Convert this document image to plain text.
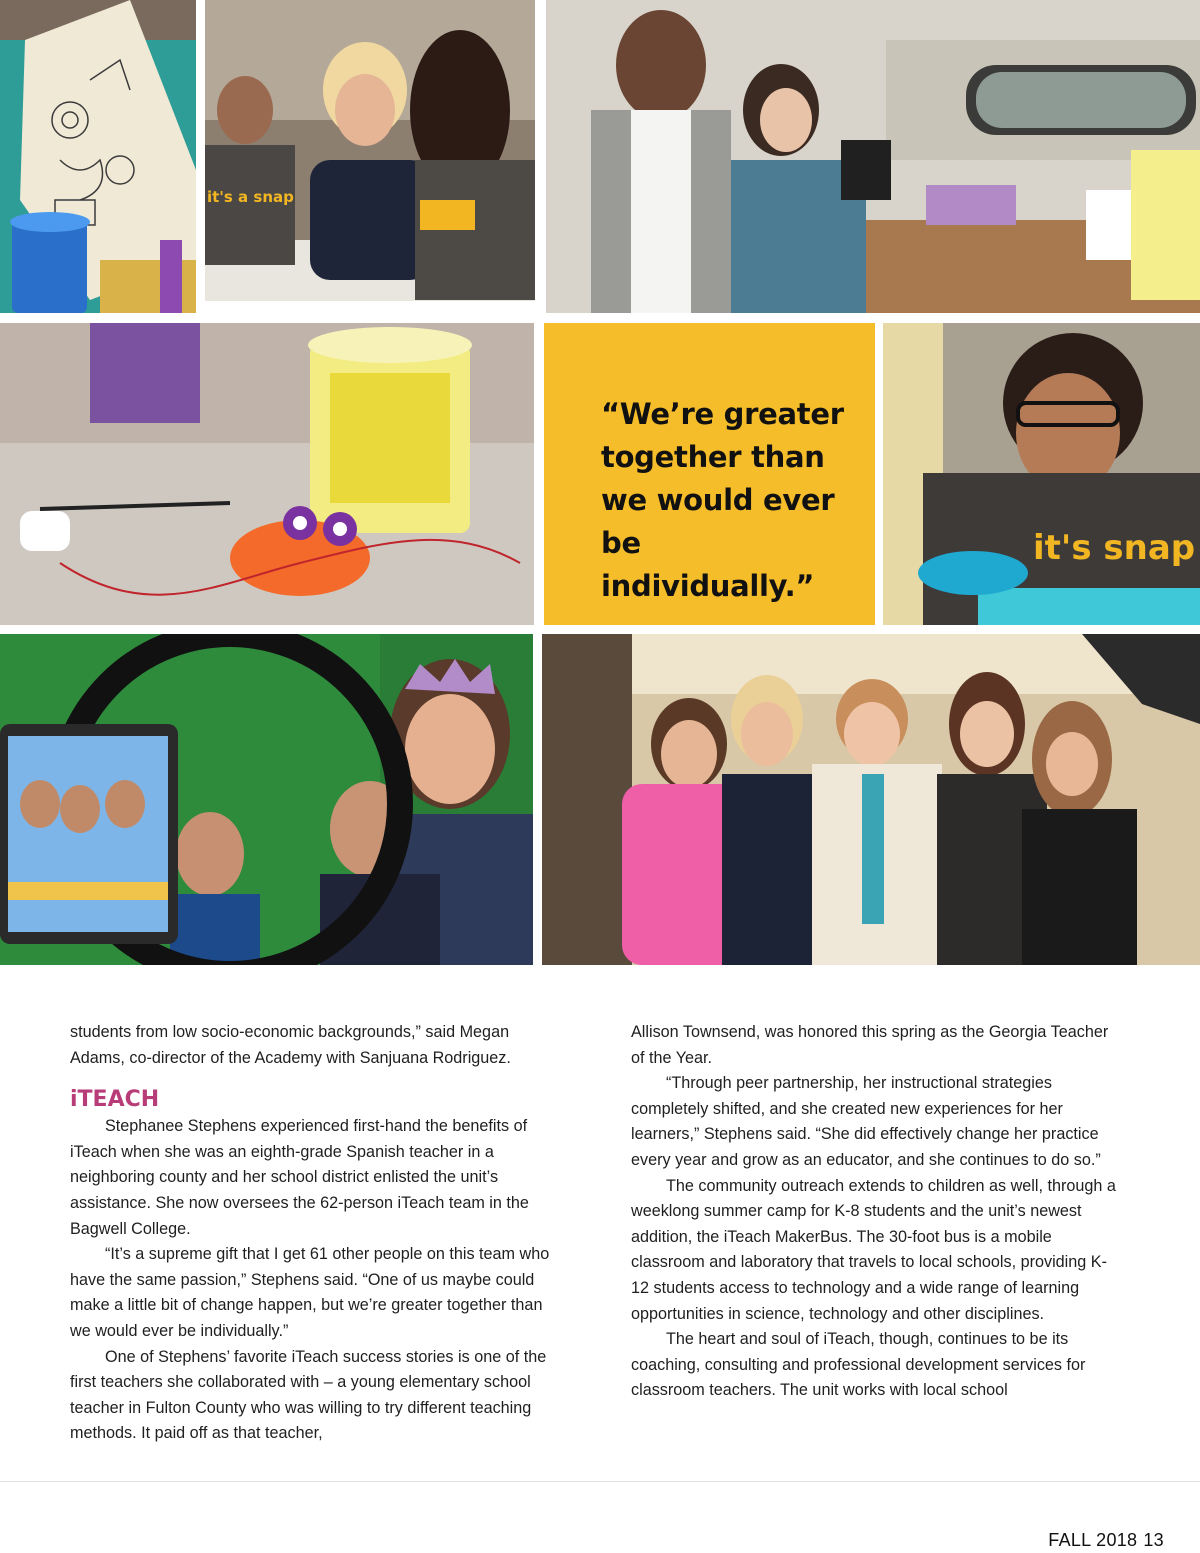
it's a snap
“We’re greater together than we would ever be individually.”
it's snap

students from low socio-economic backgrounds,” said Megan Adams, co-director of the Academy with Sanjuana Rodriguez.

iTEACH

Stephanee Stephens experienced first-hand the benefits of iTeach when she was an eighth-grade Spanish teacher in a neighboring county and her school district enlisted the unit’s assistance. She now oversees the 62-person iTeach team in the Bagwell College.

“It’s a supreme gift that I get 61 other people on this team who have the same passion,” Stephens said. “One of us maybe could make a little bit of change happen, but we’re greater together than we would ever be individually.”

One of Stephens’ favorite iTeach success stories is one of the first teachers she collaborated with – a young elementary school teacher in Fulton County who was willing to try different teaching methods. It paid off as that teacher,

Allison Townsend, was honored this spring as the Georgia Teacher of the Year.

“Through peer partnership, her instructional strategies completely shifted, and she created new experiences for her learners,” Stephens said. “She did effectively change her practice every year and grow as an educator, and she continues to do so.”

The community outreach extends to children as well, through a weeklong summer camp for K-8 students and the unit’s newest addition, the iTeach MakerBus. The 30-foot bus is a mobile classroom and laboratory that travels to local schools, providing K-12 students access to technology and a wide range of learning opportunities in science, technology and other disciplines.

The heart and soul of iTeach, though, continues to be its coaching, consulting and professional development services for classroom teachers. The unit works with local school

FALL 2018 13
